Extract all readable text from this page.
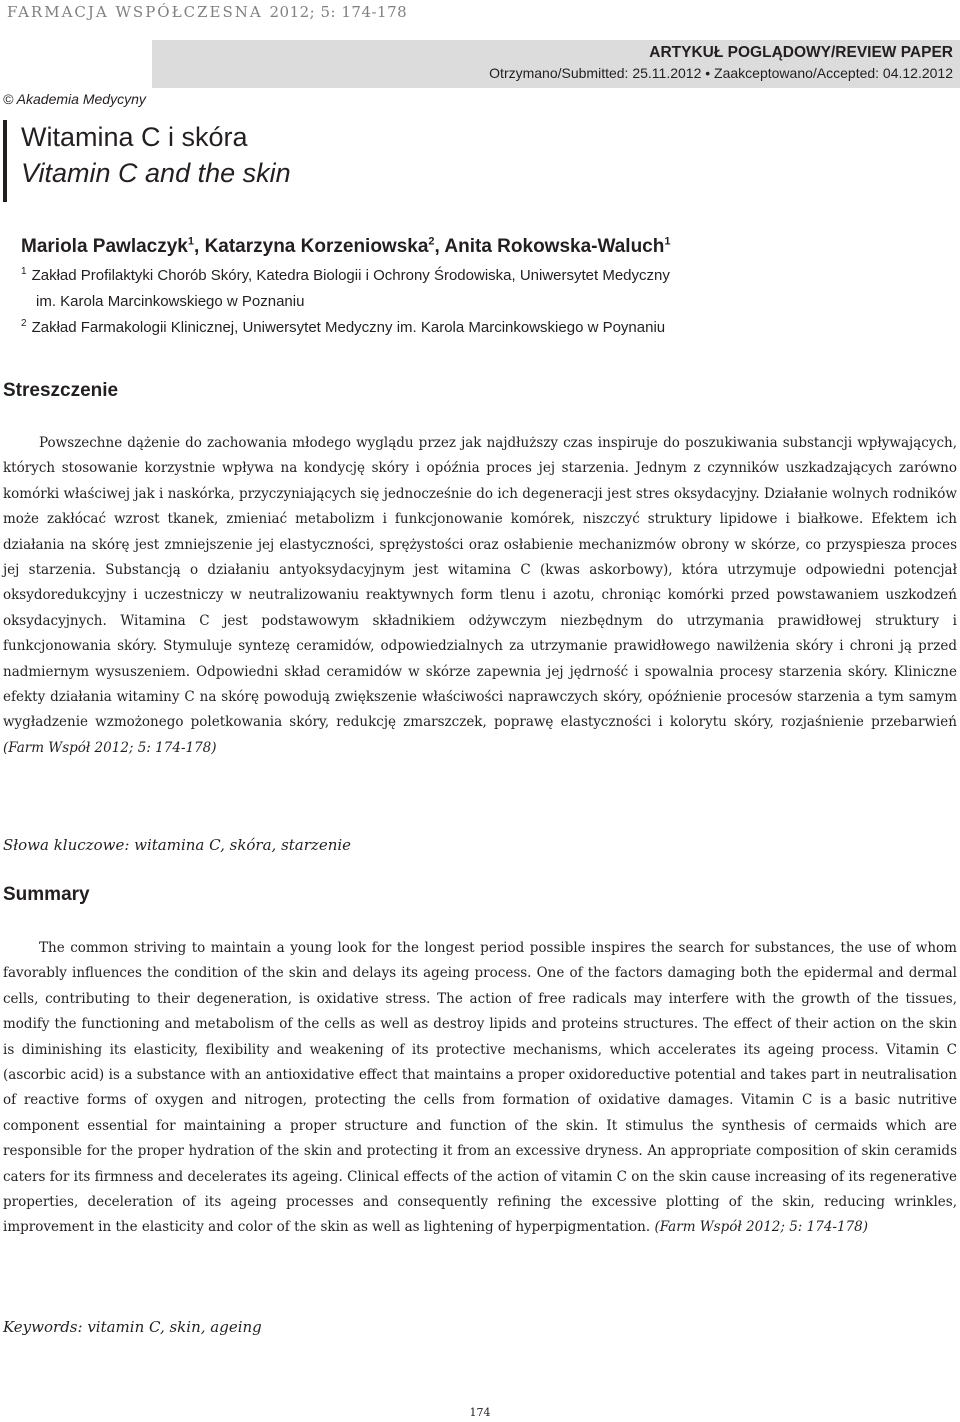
FARMACJA WSPÓŁCZESNA 2012; 5: 174-178
ARTYKUŁ POGLĄDOWY/REVIEW PAPER
Otrzymano/Submitted: 25.11.2012 • Zaakceptowano/Accepted: 04.12.2012
© Akademia Medycyny
Witamina C i skóra
Vitamin C and the skin
Mariola Pawlaczyk$^1$, Katarzyna Korzeniowska$^2$, Anita Rokowska-Waluch$^1$
$^1$ Zakład Profilaktyki Chorób Skóry, Katedra Biologii i Ochrony Środowiska, Uniwersytet Medyczny
im. Karola Marcinkowskiego w Poznaniu
$^2$ Zakład Farmakologii Klinicznej, Uniwersytet Medyczny im. Karola Marcinkowskiego w Poynaniu
Streszczenie

Powszechne dążenie do zachowania młodego wyglądu przez jak najdłuższy czas inspiruje do poszukiwania substancji wpływających, których stosowanie korzystnie wpływa na kondycję skóry i opóźnia proces jej starzenia. Jednym z czynników uszkadzających zarówno komórki właściwej jak i naskórka, przyczyniających się jednocześnie do ich degeneracji jest stres oksydacyjny. Działanie wolnych rodników może zakłócać wzrost tkanek, zmieniać metabolizm i funkcjonowanie komórek, niszczyć struktury lipidowe i białkowe. Efektem ich działania na skórę jest zmniejszenie jej elastyczności, sprężystości oraz osłabienie mechanizmów obrony w skórze, co przyspiesza proces jej starzenia. Substancją o działaniu antyoksydacyjnym jest witamina C (kwas askorbowy), która utrzymuje odpowiedni potencjał oksydoredukcyjny i uczestniczy w neutralizowaniu reaktywnych form tlenu i azotu, chroniąc komórki przed powstawaniem uszkodzeń oksydacyjnych. Witamina C jest podstawowym składnikiem odżywczym niezbędnym do utrzymania prawidłowej struktury i funkcjonowania skóry. Stymuluje syntezę ceramidów, odpowiedzialnych za utrzymanie prawidłowego nawilżenia skóry i chroni ją przed nadmiernym wysuszeniem. Odpowiedni skład ceramidów w skórze zapewnia jej jędrność i spowalnia procesy starzenia skóry. Kliniczne efekty działania witaminy C na skórę powodują zwiększenie właściwości naprawczych skóry, opóźnienie procesów starzenia a tym samym wygładzenie wzmożonego poletkowania skóry, redukcję zmarszczek, poprawę elastyczności i kolorytu skóry, rozjaśnienie przebarwień (Farm Współ 2012; 5: 174-178)

Słowa kluczowe: witamina C, skóra, starzenie
Summary

The common striving to maintain a young look for the longest period possible inspires the search for substances, the use of whom favorably influences the condition of the skin and delays its ageing process. One of the factors damaging both the epidermal and dermal cells, contributing to their degeneration, is oxidative stress. The action of free radicals may interfere with the growth of the tissues, modify the functioning and metabolism of the cells as well as destroy lipids and proteins structures. The effect of their action on the skin is diminishing its elasticity, flexibility and weakening of its protective mechanisms, which accelerates its ageing process. Vitamin C (ascorbic acid) is a substance with an antioxidative effect that maintains a proper oxidoreductive potential and takes part in neutralisation of reactive forms of oxygen and nitrogen, protecting the cells from formation of oxidative damages. Vitamin C is a basic nutritive component essential for maintaining a proper structure and function of the skin. It stimulus the synthesis of cermaids which are responsible for the proper hydration of the skin and protecting it from an excessive dryness. An appropriate composition of skin ceramids caters for its firmness and decelerates its ageing. Clinical effects of the action of vitamin C on the skin cause increasing of its regenerative properties, deceleration of its ageing processes and consequently refining the excessive plotting of the skin, reducing wrinkles, improvement in the elasticity and color of the skin as well as lightening of hyperpigmentation. (Farm Współ 2012; 5: 174-178)

Keywords: vitamin C, skin, ageing
174
